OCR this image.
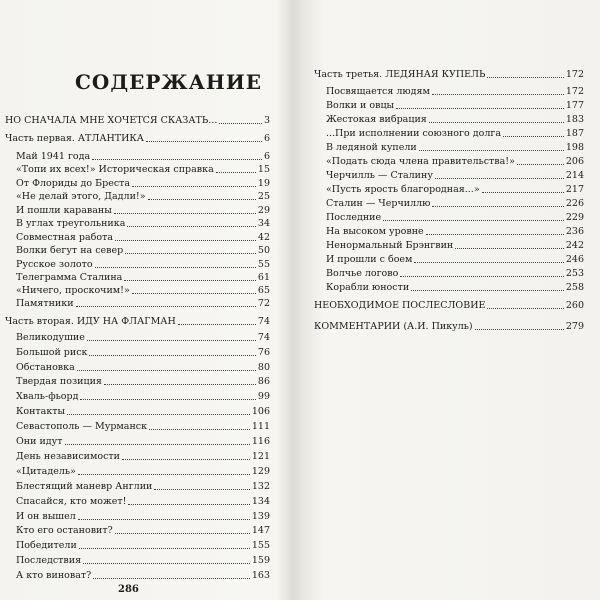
СОДЕРЖАНИЕ
НО СНАЧАЛА МНЕ ХОЧЕТСЯ СКАЗАТЬ...	3
Часть первая. АТЛАНТИКА	6
Май 1941 года	6
«Топи их всех!» Историческая справка	15
От Флориды до Бреста	19
«Не делай этого, Дадли!»	25
И пошли караваны	29
В углах треугольника	34
Совместная работа	42
Волки бегут на север	50
Русское золото	55
Телеграмма Сталина	61
«Ничего, проскочим!»	65
Памятники	72
Часть вторая. ИДУ НА ФЛАГМАН	74
Великодушие	74
Большой риск	76
Обстановка	80
Твердая позиция	86
Хваль-фьорд	99
Контакты	106
Севастополь — Мурманск	111
Они идут	116
День независимости	121
«Цитадель»	129
Блестящий маневр Англии	132
Спасайся, кто может!	134
И он вышел	139
Кто его остановит?	147
Победители	155
Последствия	159
А кто виноват?	163
286
Часть третья. ЛЕДЯНАЯ КУПЕЛЬ	172
Посвящается людям	172
Волки и овцы	177
Жестокая вибрация	183
...При исполнении союзного долга	187
В ледяной купели	198
«Подать сюда члена правительства!»	206
Черчилль — Сталину	214
«Пусть ярость благородная...»	217
Сталин — Черчиллю	226
Последние	229
На высоком уровне	236
Ненормальный Брэнгвин	242
И прошли с боем	246
Волчье логово	253
Корабли юности	258
НЕОБХОДИМОЕ ПОСЛЕСЛОВИЕ	260
КОММЕНТАРИИ (А.И. Пикуль)	279
